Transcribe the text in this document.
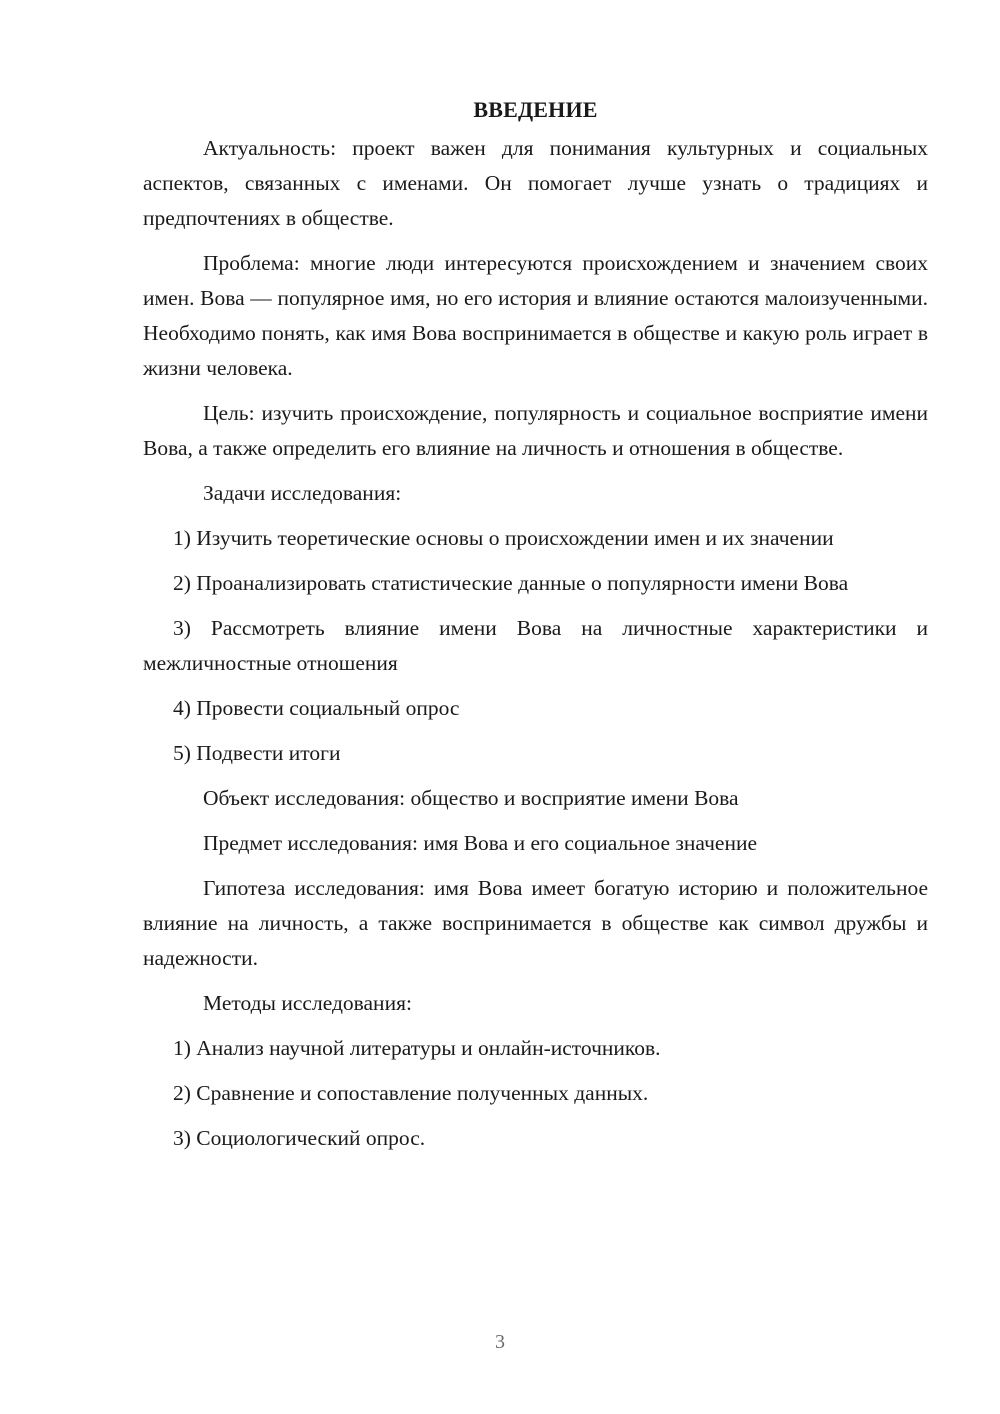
ВВЕДЕНИЕ

Актуальность: проект важен для понимания культурных и социальных аспектов, связанных с именами. Он помогает лучше узнать о традициях и предпочтениях в обществе.

Проблема: многие люди интересуются происхождением и значением своих имен. Вова — популярное имя, но его история и влияние остаются малоизученными. Необходимо понять, как имя Вова воспринимается в обществе и какую роль играет в жизни человека.

Цель: изучить происхождение, популярность и социальное восприятие имени Вова, а также определить его влияние на личность и отношения в обществе.

Задачи исследования:

1) Изучить теоретические основы о происхождении имен и их значении

2) Проанализировать статистические данные о популярности имени Вова

3) Рассмотреть влияние имени Вова на личностные характеристики и межличностные отношения

4) Провести социальный опрос

5) Подвести итоги

Объект исследования: общество и восприятие имени Вова

Предмет исследования: имя Вова и его социальное значение

Гипотеза исследования: имя Вова имеет богатую историю и положительное влияние на личность, а также воспринимается в обществе как символ дружбы и надежности.

Методы исследования:

1) Анализ научной литературы и онлайн-источников.

2) Сравнение и сопоставление полученных данных.

3) Социологический опрос.

3
